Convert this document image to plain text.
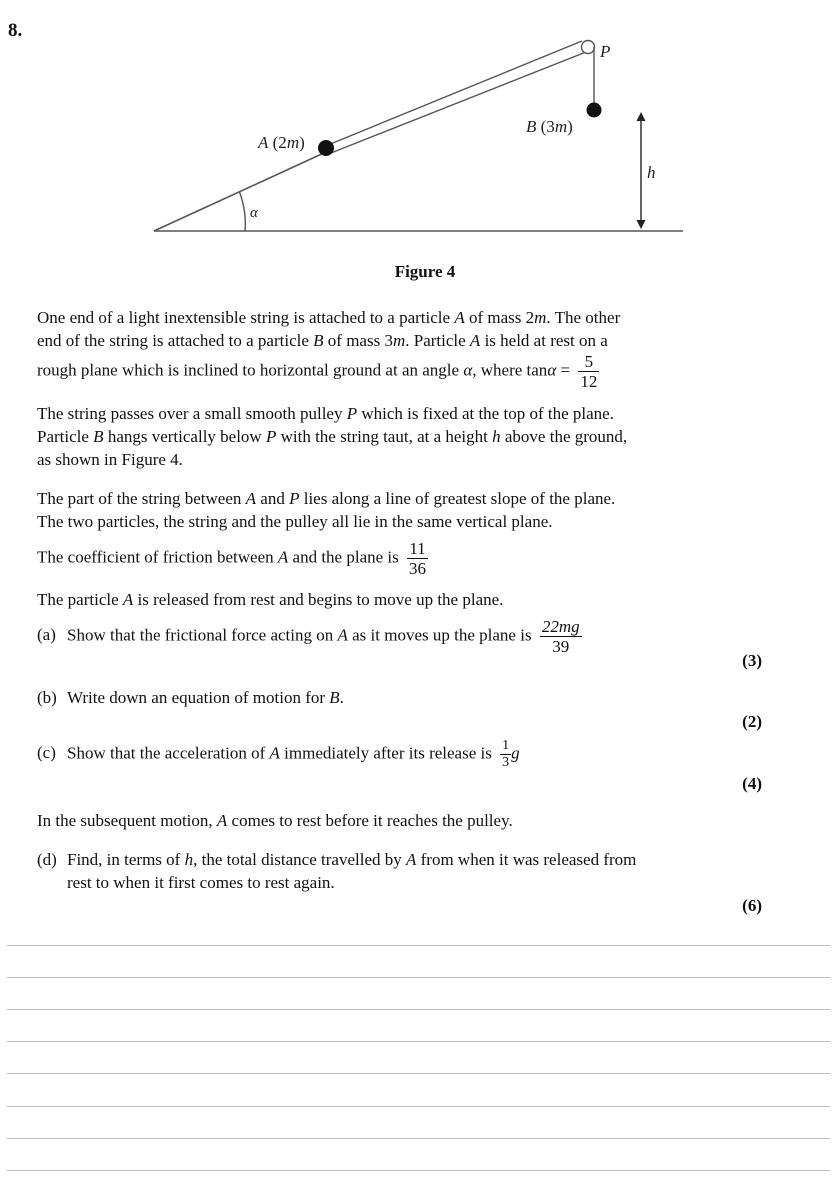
8.
α
P
B (3m)
A (2m)
h
Figure 4
One end of a light inextensible string is attached to a particle A of mass 2m. The other
end of the string is attached to a particle B of mass 3m. Particle A is held at rest on a
rough plane which is inclined to horizontal ground at an angle α, where $\tan\alpha = \frac{5}{12}$
The string passes over a small smooth pulley P which is fixed at the top of the plane.
Particle B hangs vertically below P with the string taut, at a height h above the ground,
as shown in Figure 4.
The part of the string between A and P lies along a line of greatest slope of the plane.
The two particles, the string and the pulley all lie in the same vertical plane.
The coefficient of friction between A and the plane is $\frac{11}{36}$
The particle A is released from rest and begins to move up the plane.
(a) Show that the frictional force acting on A as it moves up the plane is $\frac{22mg}{39}$
(3)
(b) Write down an equation of motion for B.
(2)
(c) Show that the acceleration of A immediately after its release is $\frac{1}{3}$ g
(4)
In the subsequent motion, A comes to rest before it reaches the pulley.
(d) Find, in terms of h, the total distance travelled by A from when it was released from
rest to when it first comes to rest again.
(6)
